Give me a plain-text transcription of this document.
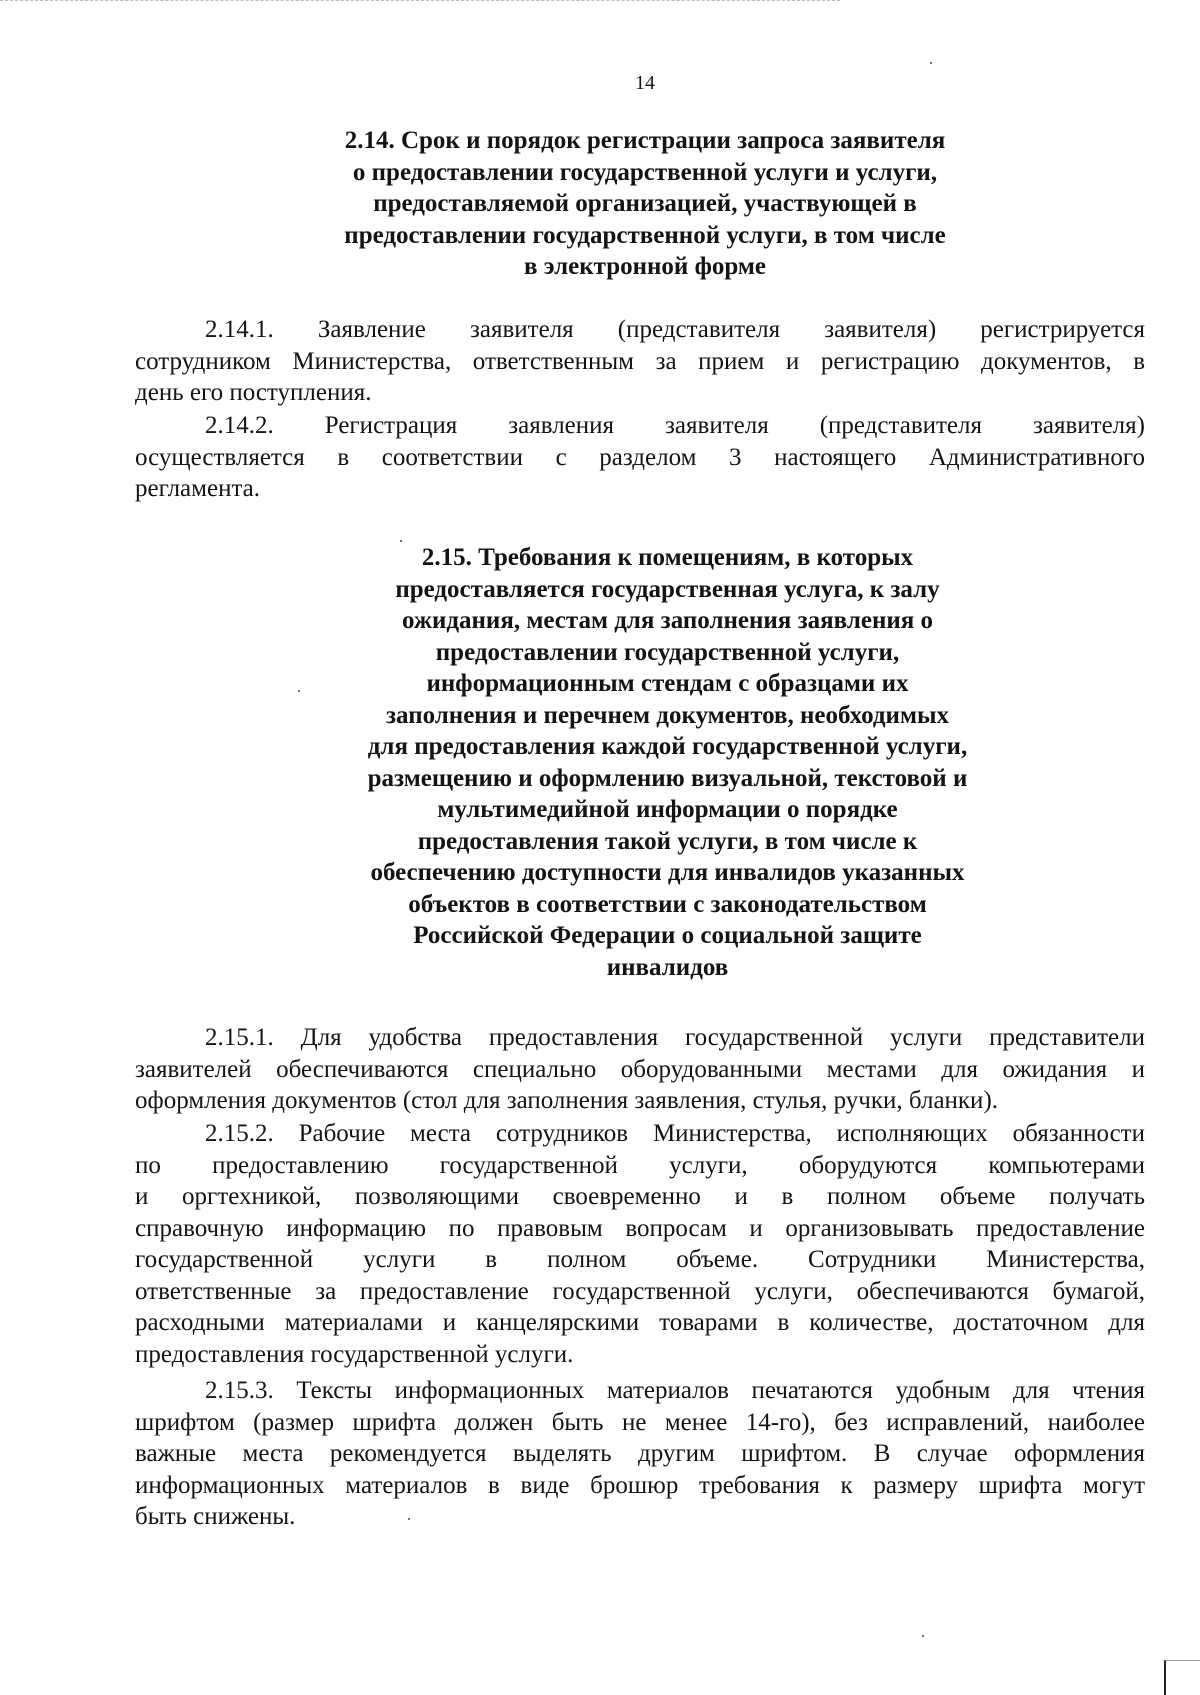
14
2.14. Срок и порядок регистрации запроса заявителя
о предоставлении государственной услуги и услуги,
предоставляемой организацией, участвующей в
предоставлении государственной услуги, в том числе
в электронной форме
2.14.1. Заявление заявителя (представителя заявителя) регистрируется
сотрудником Министерства, ответственным за прием и регистрацию документов, в
день его поступления.
2.14.2. Регистрация заявления заявителя (представителя заявителя)
осуществляется в соответствии с разделом 3 настоящего Административного
регламента.
2.15. Требования к помещениям, в которых
предоставляется государственная услуга, к залу
ожидания, местам для заполнения заявления о
предоставлении государственной услуги,
информационным стендам с образцами их
заполнения и перечнем документов, необходимых
для предоставления каждой государственной услуги,
размещению и оформлению визуальной, текстовой и
мультимедийной информации о порядке
предоставления такой услуги, в том числе к
обеспечению доступности для инвалидов указанных
объектов в соответствии с законодательством
Российской Федерации о социальной защите
инвалидов
2.15.1. Для удобства предоставления государственной услуги представители
заявителей обеспечиваются специально оборудованными местами для ожидания и
оформления документов (стол для заполнения заявления, стулья, ручки, бланки).
2.15.2. Рабочие места сотрудников Министерства, исполняющих обязанности
по предоставлению государственной услуги, оборудуются компьютерами
и оргтехникой, позволяющими своевременно и в полном объеме получать
справочную информацию по правовым вопросам и организовывать предоставление
государственной услуги в полном объеме. Сотрудники Министерства,
ответственные за предоставление государственной услуги, обеспечиваются бумагой,
расходными материалами и канцелярскими товарами в количестве, достаточном для
предоставления государственной услуги.
2.15.3. Тексты информационных материалов печатаются удобным для чтения
шрифтом (размер шрифта должен быть не менее 14-го), без исправлений, наиболее
важные места рекомендуется выделять другим шрифтом. В случае оформления
информационных материалов в виде брошюр требования к размеру шрифта могут
быть снижены.
